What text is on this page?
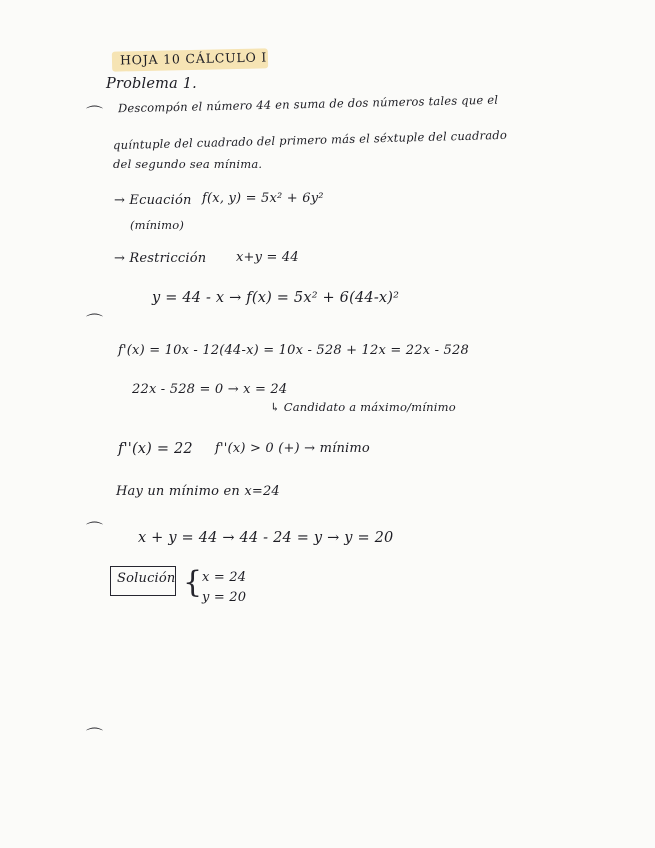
HOJA 10 CÁLCULO I
Problema 1.
⌒
⌒
⌒
⌒
Descompón el número 44 en suma de dos números tales que el
quíntuple del cuadrado del primero más el séxtuple del cuadrado
del segundo sea mínima.
→ Ecuación f(x, y) = 5x² + 6y²
(mínimo)
→ Restricción x+y = 44
y = 44 - x → f(x) = 5x² + 6(44-x)²
f'(x) = 10x - 12(44-x) = 10x - 528 + 12x = 22x - 528
22x - 528 = 0 → x = 24
↳ Candidato a máximo/mínimo
f''(x) = 22 f''(x) > 0 (+) → mínimo
Hay un mínimo en x=24
x + y = 44 → 44 - 24 = y → y = 20
Solución { x = 24
y = 20
